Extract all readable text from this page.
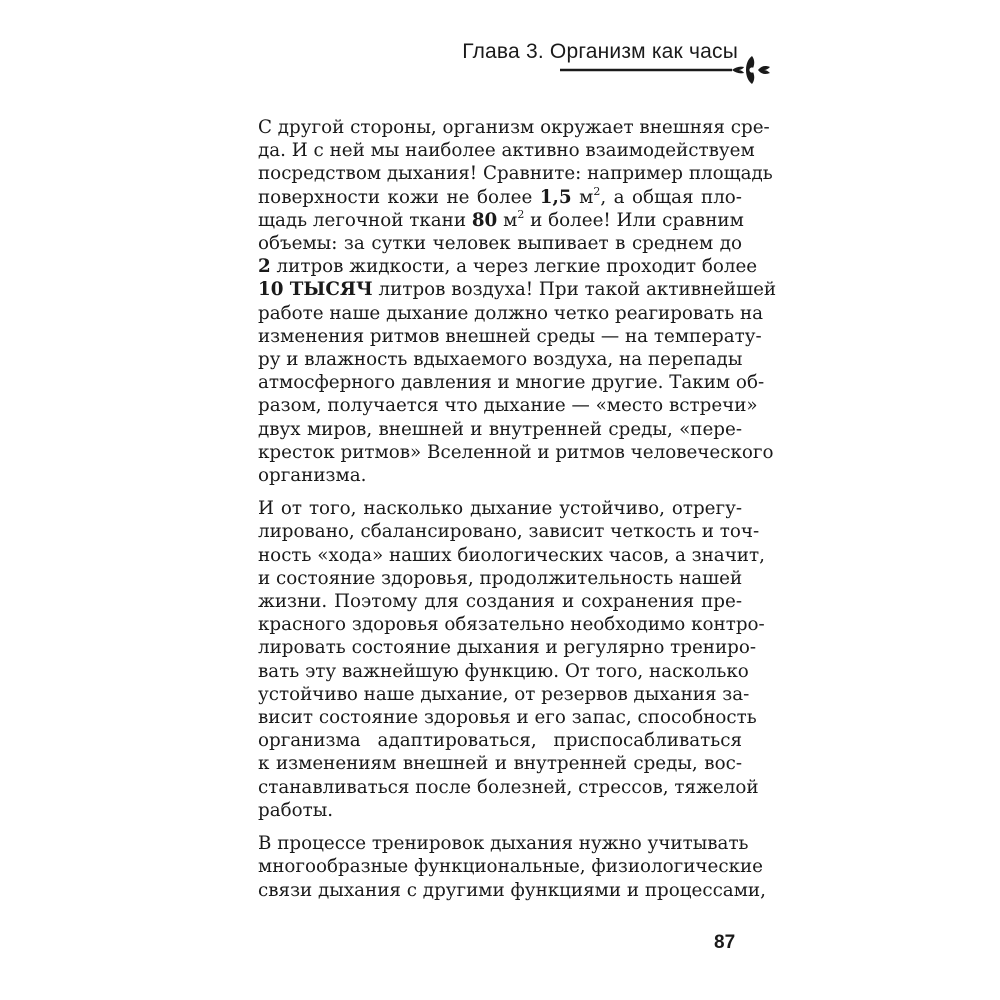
Глава 3. Организм как часы
С другой стороны, организм окружает внешняя сре-
да. И с ней мы наиболее активно взаимодействуем
посредством дыхания! Сравните: например площадь
поверхности кожи не более 1,5 $м^2$, а общая пло-
щадь легочной ткани 80 $м^2$ и более! Или сравним
объемы: за сутки человек выпивает в среднем до
2 литров жидкости, а через легкие проходит более
10 ТЫСЯЧ литров воздуха! При такой активнейшей
работе наше дыхание должно четко реагировать на
изменения ритмов внешней среды — на температу-
ру и влажность вдыхаемого воздуха, на перепады
атмосферного давления и многие другие. Таким об-
разом, получается что дыхание — «место встречи»
двух миров, внешней и внутренней среды, «пере-
кресток ритмов» Вселенной и ритмов человеческого
организма.
И от того, насколько дыхание устойчиво, отрегу-
лировано, сбалансировано, зависит четкость и точ-
ность «хода» наших биологических часов, а значит,
и состояние здоровья, продолжительность нашей
жизни. Поэтому для создания и сохранения пре-
красного здоровья обязательно необходимо контро-
лировать состояние дыхания и регулярно трениро-
вать эту важнейшую функцию. От того, насколько
устойчиво наше дыхание, от резервов дыхания за-
висит состояние здоровья и его запас, способность
организма адаптироваться, приспосабливаться
к изменениям внешней и внутренней среды, вос-
станавливаться после болезней, стрессов, тяжелой
работы.
В процессе тренировок дыхания нужно учитывать
многообразные функциональные, физиологические
связи дыхания с другими функциями и процессами,
87
